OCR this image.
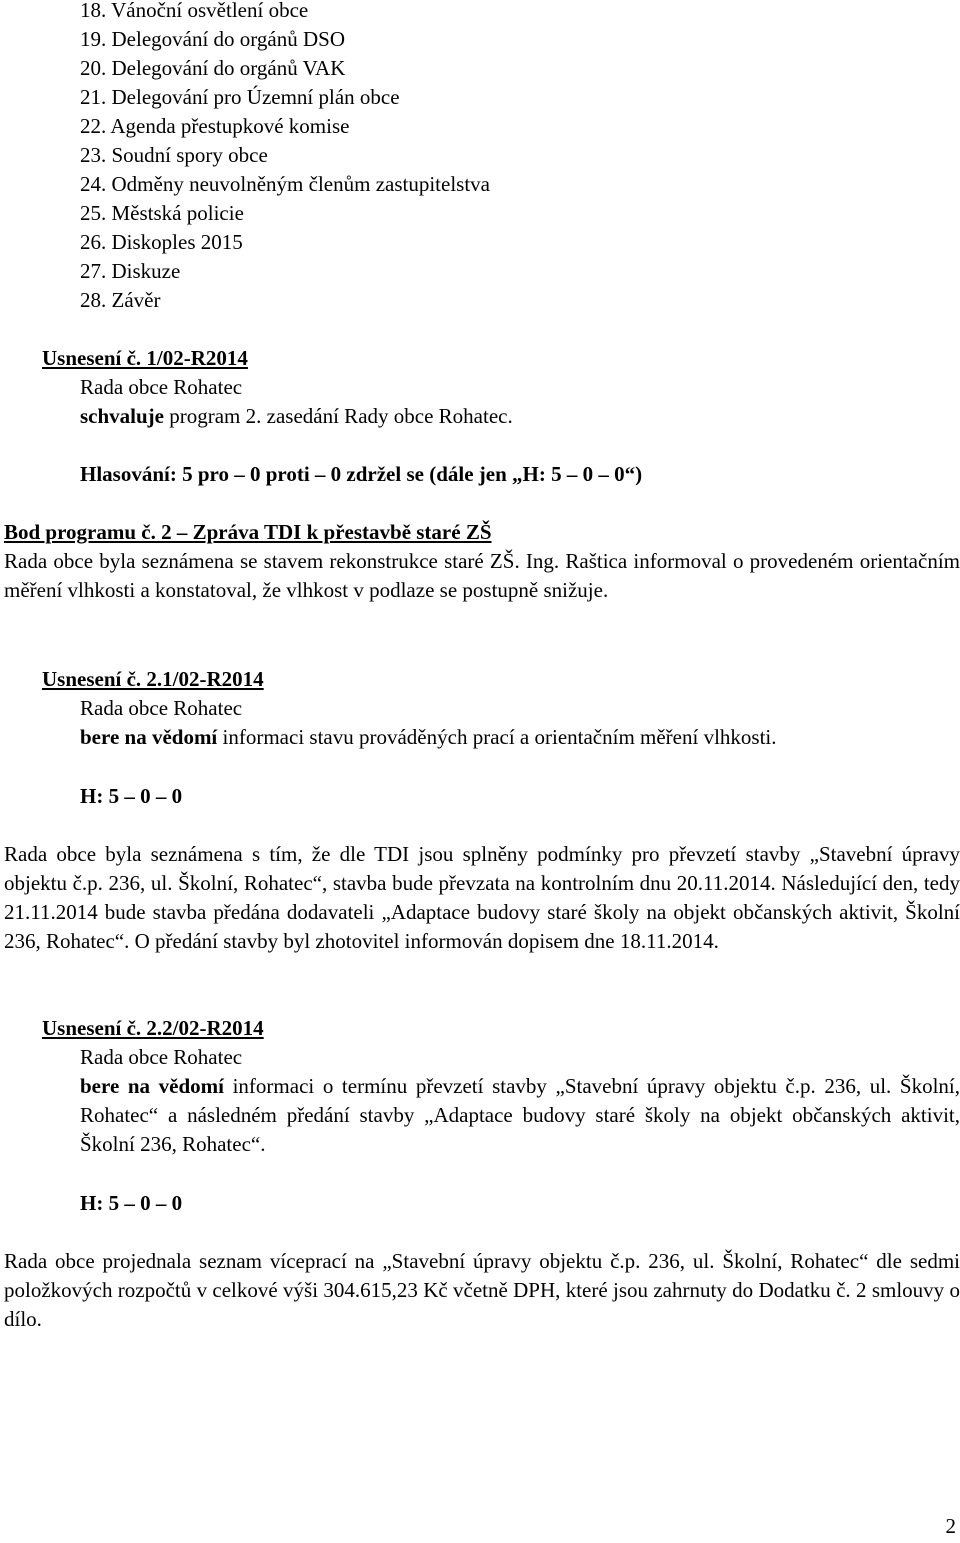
18. Vánoční osvětlení obce
19. Delegování do orgánů DSO
20. Delegování do orgánů VAK
21. Delegování pro Územní plán obce
22. Agenda přestupkové komise
23. Soudní spory obce
24. Odměny neuvolněným členům zastupitelstva
25. Městská policie
26. Diskoples 2015
27. Diskuze
28. Závěr
Usnesení č. 1/02-R2014
Rada obce Rohatec
schvaluje program 2. zasedání Rady obce Rohatec.
Hlasování: 5 pro – 0 proti – 0 zdržel se (dále jen „H: 5 – 0 – 0“)
Bod programu č. 2 – Zpráva TDI k přestavbě staré ZŠ
Rada obce byla seznámena se stavem rekonstrukce staré ZŠ. Ing. Raštica informoval o provedeném orientačním měření vlhkosti a konstatoval, že vlhkost v podlaze se postupně snižuje.
Usnesení č. 2.1/02-R2014
Rada obce Rohatec
bere na vědomí informaci stavu prováděných prací a orientačním měření vlhkosti.
H: 5 – 0 – 0
Rada obce byla seznámena s tím, že dle TDI jsou splněny podmínky pro převzetí stavby „Stavební úpravy objektu č.p. 236, ul. Školní, Rohatec“, stavba bude převzata na kontrolním dnu 20.11.2014. Následující den, tedy 21.11.2014 bude stavba předána dodavateli „Adaptace budovy staré školy na objekt občanských aktivit, Školní 236, Rohatec“. O předání stavby byl zhotovitel informován dopisem dne 18.11.2014.
Usnesení č. 2.2/02-R2014
Rada obce Rohatec
bere na vědomí informaci o termínu převzetí stavby „Stavební úpravy objektu č.p. 236, ul. Školní, Rohatec“ a následném předání stavby „Adaptace budovy staré školy na objekt občanských aktivit, Školní 236, Rohatec“.
H: 5 – 0 – 0
Rada obce projednala seznam víceprací na „Stavební úpravy objektu č.p. 236, ul. Školní, Rohatec“ dle sedmi položkových rozpočtů v celkové výši 304.615,23 Kč včetně DPH, které jsou zahrnuty do Dodatku č. 2 smlouvy o dílo.
2
